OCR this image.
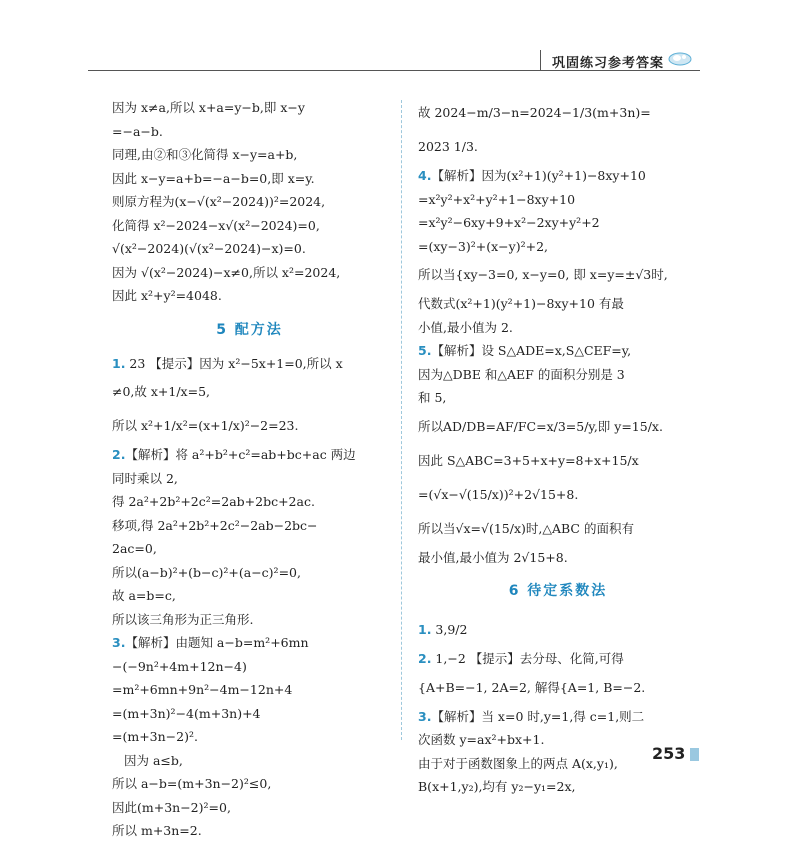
巩固练习参考答案
因为 x≠a,所以 x+a=y−b,即 x−y
=−a−b.
同理,由②和③化简得 x−y=a+b,
因此 x−y=a+b=−a−b=0,即 x=y.
则原方程为(x−√(x²−2024))²=2024,
化简得 x²−2024−x√(x²−2024)=0,
√(x²−2024)(√(x²−2024)−x)=0.
因为 √(x²−2024)−x≠0,所以 x²=2024,
因此 x²+y²=4048.
5 配方法
1. 23 【提示】因为 x²−5x+1=0,所以 x
≠0,故 x+1/x=5,
所以 x²+1/x²=(x+1/x)²−2=23.
2.【解析】将 a²+b²+c²=ab+bc+ac 两边
同时乘以 2,
得 2a²+2b²+2c²=2ab+2bc+2ac.
移项,得 2a²+2b²+2c²−2ab−2bc−
2ac=0,
所以(a−b)²+(b−c)²+(a−c)²=0,
故 a=b=c,
所以该三角形为正三角形.
3.【解析】由题知 a−b=m²+6mn
−(−9n²+4m+12n−4)
=m²+6mn+9n²−4m−12n+4
=(m+3n)²−4(m+3n)+4
=(m+3n−2)².
因为 a≤b,
所以 a−b=(m+3n−2)²≤0,
因此(m+3n−2)²=0,
所以 m+3n=2.
故 2024−m/3−n=2024−1/3(m+3n)=
2023 1/3.
4.【解析】因为(x²+1)(y²+1)−8xy+10
=x²y²+x²+y²+1−8xy+10
=x²y²−6xy+9+x²−2xy+y²+2
=(xy−3)²+(x−y)²+2,
所以当{xy−3=0, x−y=0, 即 x=y=±√3时,
代数式(x²+1)(y²+1)−8xy+10 有最
小值,最小值为 2.
5.【解析】设 S△ADE=x,S△CEF=y,
因为△DBE 和△AEF 的面积分别是 3
和 5,
所以AD/DB=AF/FC=x/3=5/y,即 y=15/x.
因此 S△ABC=3+5+x+y=8+x+15/x
=(√x−√(15/x))²+2√15+8.
所以当√x=√(15/x)时,△ABC 的面积有
最小值,最小值为 2√15+8.
6 待定系数法
1. 3,9/2
2. 1,−2 【提示】去分母、化简,可得
{A+B=−1, 2A=2, 解得{A=1, B=−2.
3.【解析】当 x=0 时,y=1,得 c=1,则二
次函数 y=ax²+bx+1.
由于对于函数图象上的两点 A(x,y₁),
B(x+1,y₂),均有 y₂−y₁=2x,
253
